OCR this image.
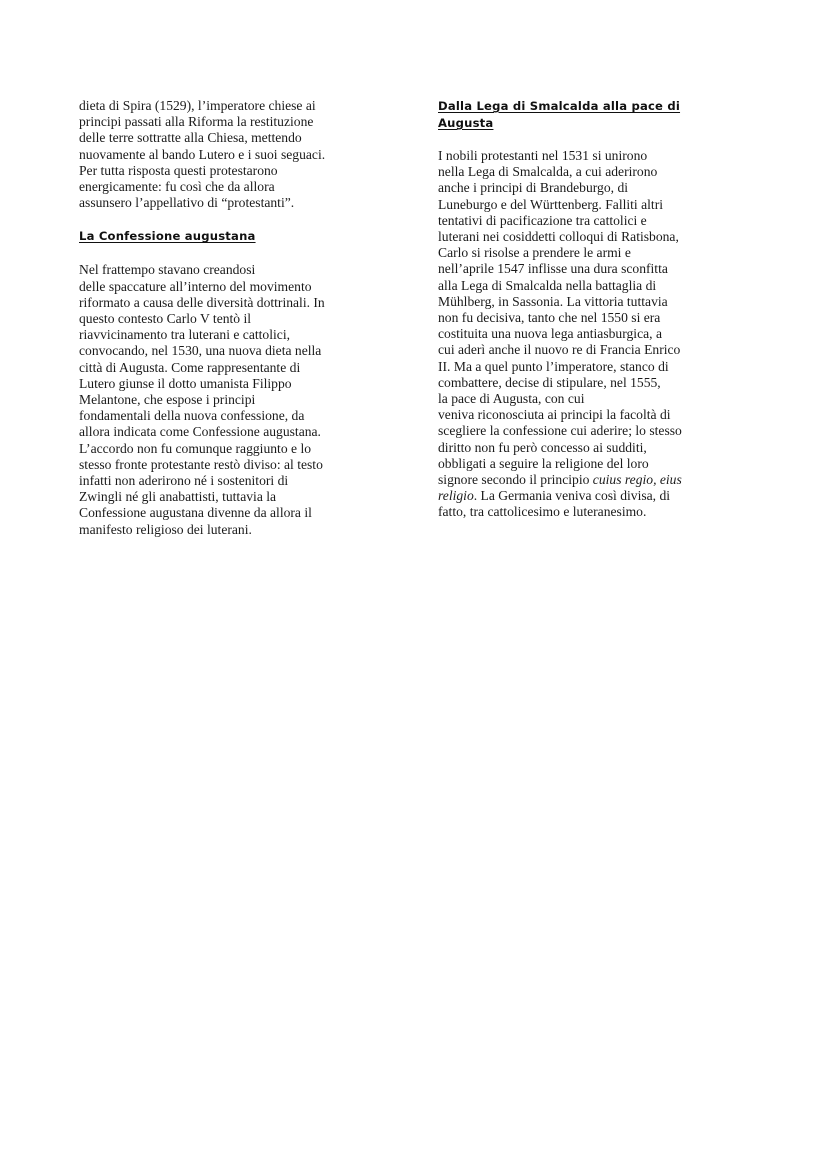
dieta di Spira (1529), l’imperatore chiese ai
principi passati alla Riforma la restituzione
delle terre sottratte alla Chiesa, mettendo
nuovamente al bando Lutero e i suoi seguaci.
Per tutta risposta questi protestarono
energicamente: fu così che da allora
assunsero l’appellativo di “protestanti”.
La Confessione augustana
Nel frattempo stavano creandosi
delle spaccature all’interno del movimento
riformato a causa delle diversità dottrinali. In
questo contesto Carlo V tentò il
riavvicinamento tra luterani e cattolici,
convocando, nel 1530, una nuova dieta nella
città di Augusta. Come rappresentante di
Lutero giunse il dotto umanista Filippo
Melantone, che espose i principi
fondamentali della nuova confessione, da
allora indicata come Confessione augustana.
L’accordo non fu comunque raggiunto e lo
stesso fronte protestante restò diviso: al testo
infatti non aderirono né i sostenitori di
Zwingli né gli anabattisti, tuttavia la
Confessione augustana divenne da allora il
manifesto religioso dei luterani.
Dalla Lega di Smalcalda alla pace di
Augusta
I nobili protestanti nel 1531 si unirono
nella Lega di Smalcalda, a cui aderirono
anche i principi di Brandeburgo, di
Luneburgo e del Württenberg. Falliti altri
tentativi di pacificazione tra cattolici e
luterani nei cosiddetti colloqui di Ratisbona,
Carlo si risolse a prendere le armi e
nell’aprile 1547 inflisse una dura sconfitta
alla Lega di Smalcalda nella battaglia di
Mühlberg, in Sassonia. La vittoria tuttavia
non fu decisiva, tanto che nel 1550 si era
costituita una nuova lega antiasburgica, a
cui aderì anche il nuovo re di Francia Enrico
II. Ma a quel punto l’imperatore, stanco di
combattere, decise di stipulare, nel 1555,
la pace di Augusta, con cui
veniva riconosciuta ai principi la facoltà di
scegliere la confessione cui aderire; lo stesso
diritto non fu però concesso ai sudditi,
obbligati a seguire la religione del loro
signore secondo il principio cuius regio, eius
religio. La Germania veniva così divisa, di
fatto, tra cattolicesimo e luteranesimo.
